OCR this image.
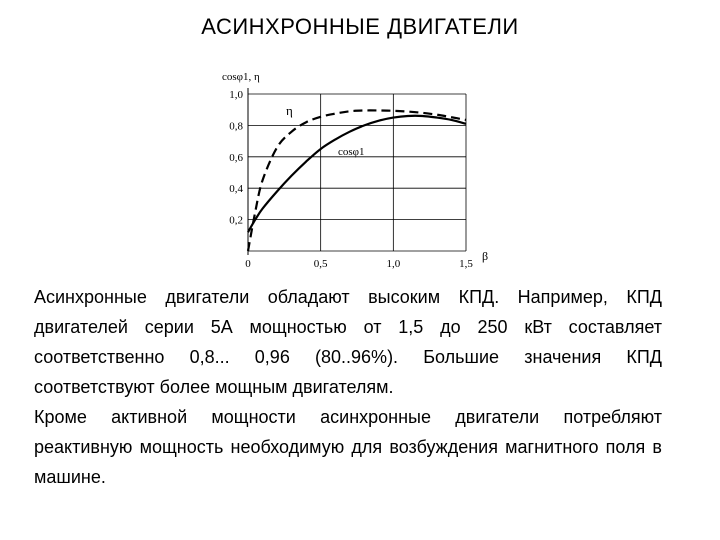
АСИНХРОННЫЕ ДВИГАТЕЛИ
0,2
0,4
0,6
0,8
1,0
0	0,5	1,0	1,5
cosφ1, η
β
η
cosφ1

Асинхронные двигатели обладают высоким КПД. Например, КПД двигателей серии 5А мощностью от 1,5 до 250 кВт составляет соответственно 0,8... 0,96 (80..96%). Большие значения КПД соответствуют более мощным двигателям.

Кроме активной мощности асинхронные двигатели потребляют реактивную мощность необходимую для возбуждения магнитного поля в машине.
